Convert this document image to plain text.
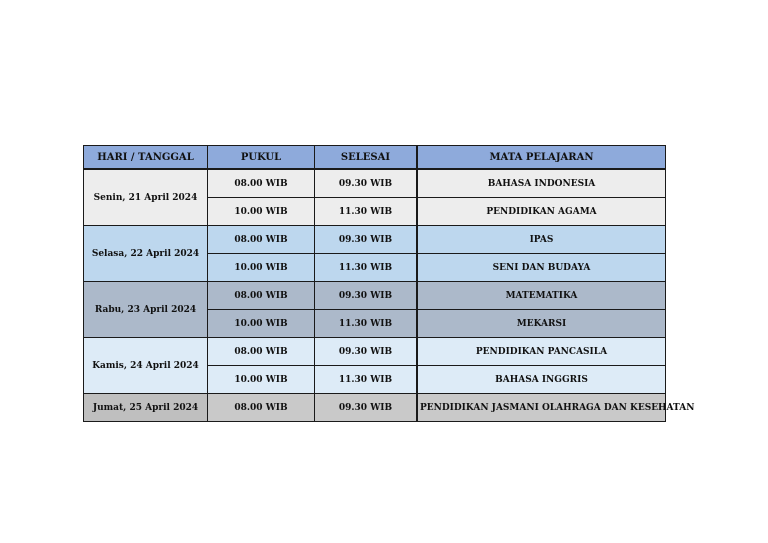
HARI / TANGGAL	PUKUL	SELESAI	MATA PELAJARAN
Senin, 21 April 2024	08.00 WIB	09.30 WIB	BAHASA INDONESIA
	10.00 WIB	11.30 WIB	PENDIDIKAN AGAMA
Selasa, 22 April 2024	08.00 WIB	09.30 WIB	IPAS
	10.00 WIB	11.30 WIB	SENI DAN BUDAYA
Rabu, 23 April 2024	08.00 WIB	09.30 WIB	MATEMATIKA
	10.00 WIB	11.30 WIB	MEKARSI
Kamis, 24 April 2024	08.00 WIB	09.30 WIB	PENDIDIKAN PANCASILA
	10.00 WIB	11.30 WIB	BAHASA INGGRIS
Jumat, 25 April 2024	08.00 WIB	09.30 WIB	PENDIDIKAN JASMANI OLAHRAGA DAN KESEHATAN
